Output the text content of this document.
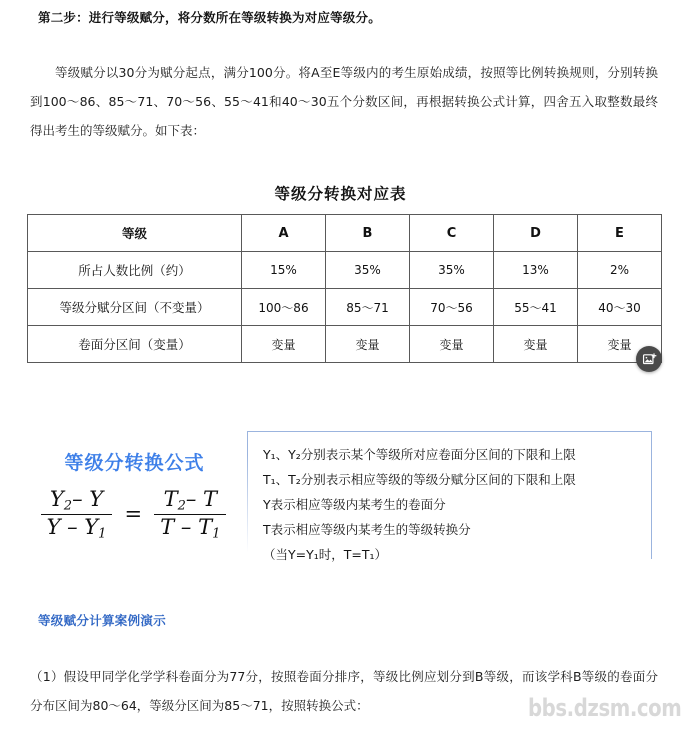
第二步：进行等级赋分，将分数所在等级转换为对应等级分。

等级赋分以30分为赋分起点，满分100分。将A至E等级内的考生原始成绩，按照等比例转换规则，分别转换到100～86、85～71、70～56、55～41和40～30五个分数区间，再根据转换公式计算，四舍五入取整数最终得出考生的等级赋分。如下表：

等级分转换对应表
等级	A	B	C	D	E
所占人数比例（约）	15%	35%	35%	13%	2%
等级分赋分区间（不变量）	100～86	85～71	70～56	55～41	40～30
卷面分区间（变量）	变量	变量	变量	变量	变量
等级分转换公式
$\frac{Y_2- Y}{Y - Y_1} = \frac{T_2- T}{T - T_1}$
Y₁、Y₂分别表示某个等级所对应卷面分区间的下限和上限
T₁、T₂分别表示相应等级的等级分赋分区间的下限和上限
Y表示相应等级内某考生的卷面分
T表示相应等级内某考生的等级转换分
（当Y=Y₁时，T=T₁）
等级赋分计算案例演示

（1）假设甲同学化学学科卷面分为77分，按照卷面分排序，等级比例应划分到B等级，而该学科B等级的卷面分分布区间为80～64，等级分区间为85～71，按照转换公式：	bbs.dzsm.com
